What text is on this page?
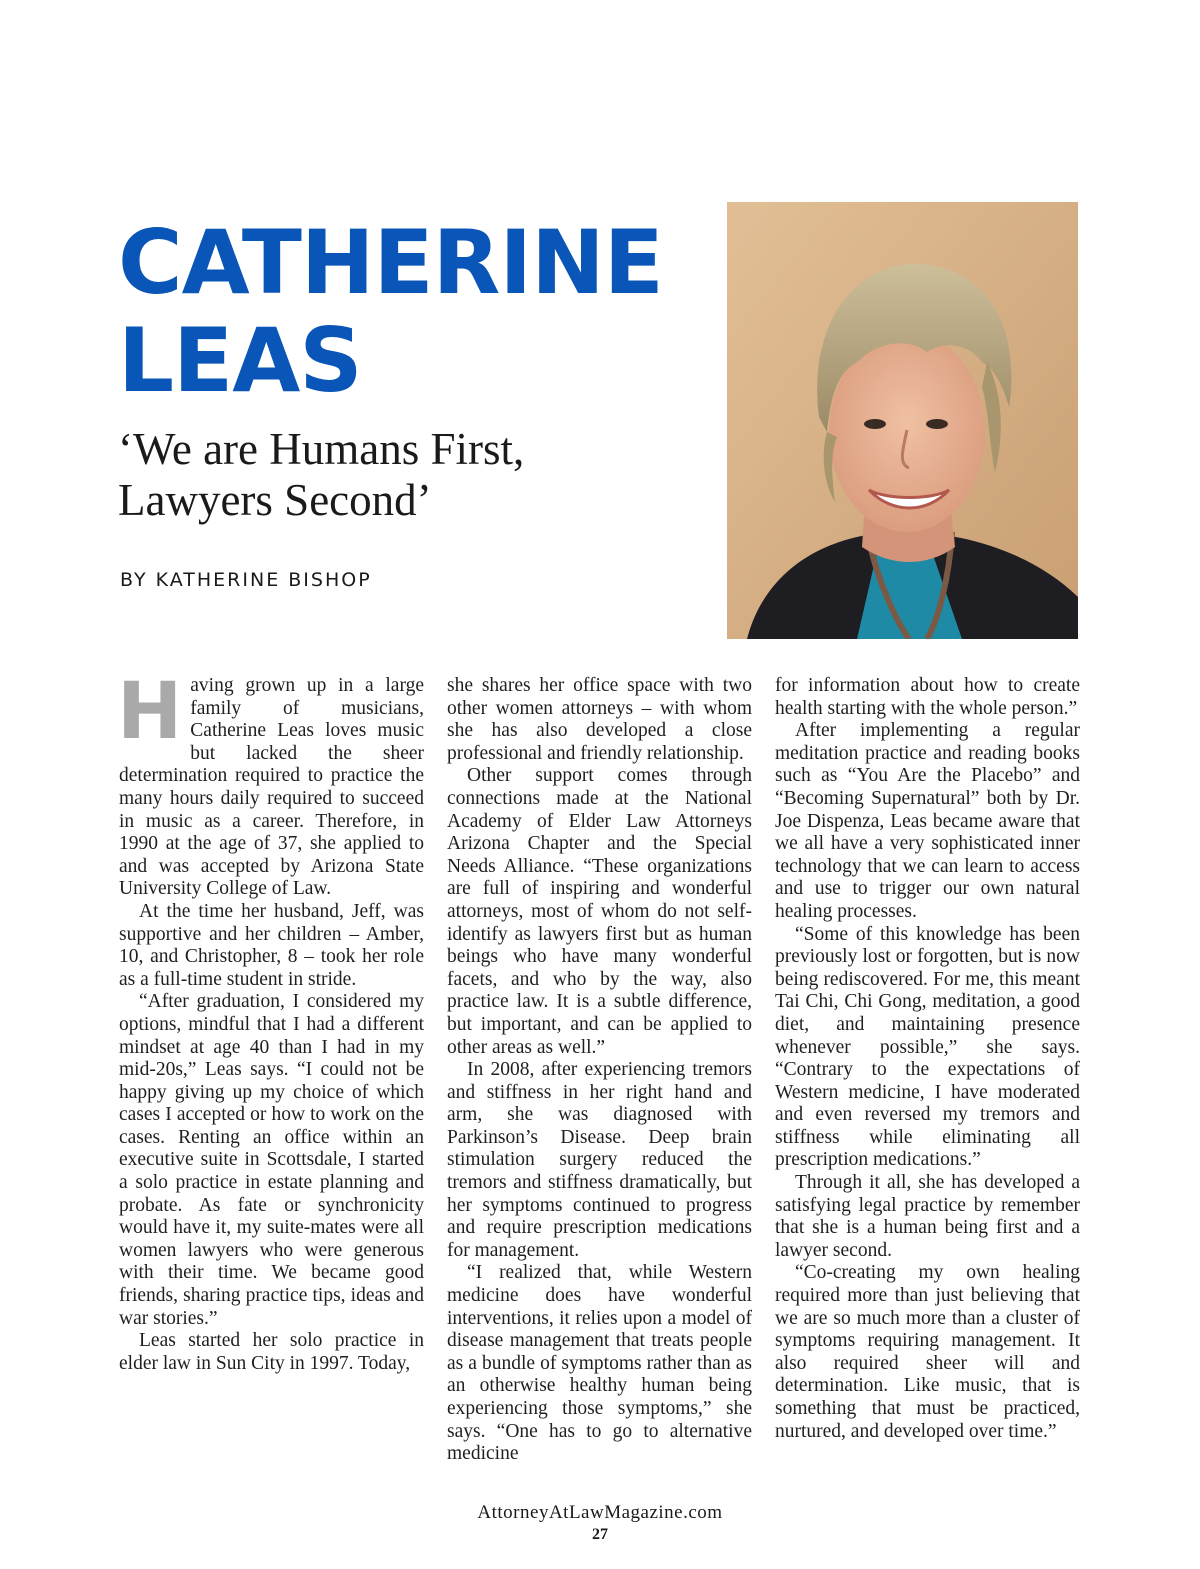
CATHERINE
LEAS
‘We are Humans First,
Lawyers Second’
BY KATHERINE BISHOP

Having grown up in a large family of musicians, Catherine Leas loves music but lacked the sheer determination required to practice the many hours daily required to succeed in music as a career. Therefore, in 1990 at the age of 37, she applied to and was accepted by Arizona State University College of Law.

At the time her husband, Jeff, was supportive and her children – Amber, 10, and Christopher, 8 – took her role as a full-time student in stride.

“After graduation, I considered my options, mindful that I had a different mindset at age 40 than I had in my mid-20s,” Leas says. “I could not be happy giving up my choice of which cases I accepted or how to work on the cases. Renting an office within an executive suite in Scottsdale, I started a solo practice in estate planning and probate. As fate or synchronicity would have it, my suite-mates were all women lawyers who were generous with their time. We became good friends, sharing practice tips, ideas and war stories.”

Leas started her solo practice in elder law in Sun City in 1997. Today,

she shares her office space with two other women attorneys – with whom she has also developed a close professional and friendly relationship.

Other support comes through connections made at the National Academy of Elder Law Attorneys Arizona Chapter and the Special Needs Alliance. “These organizations are full of inspiring and wonderful attorneys, most of whom do not self-identify as lawyers first but as human beings who have many wonderful facets, and who by the way, also practice law. It is a subtle difference, but important, and can be applied to other areas as well.”

In 2008, after experiencing tremors and stiffness in her right hand and arm, she was diagnosed with Parkinson’s Disease. Deep brain stimulation surgery reduced the tremors and stiffness dramatically, but her symptoms continued to progress and require prescription medications for management.

“I realized that, while Western medicine does have wonderful interventions, it relies upon a model of disease management that treats people as a bundle of symptoms rather than as an otherwise healthy human being experiencing those symptoms,” she says. “One has to go to alternative medicine

for information about how to create health starting with the whole person.”

After implementing a regular meditation practice and reading books such as “You Are the Placebo” and “Becoming Supernatural” both by Dr. Joe Dispenza, Leas became aware that we all have a very sophisticated inner technology that we can learn to access and use to trigger our own natural healing processes.

“Some of this knowledge has been previously lost or forgotten, but is now being rediscovered. For me, this meant Tai Chi, Chi Gong, meditation, a good diet, and maintaining presence whenever possible,” she says. “Contrary to the expectations of Western medicine, I have moderated and even reversed my tremors and stiffness while eliminating all prescription medications.”

Through it all, she has developed a satisfying legal practice by remember that she is a human being first and a lawyer second.

“Co-creating my own healing required more than just believing that we are so much more than a cluster of symptoms requiring management. It also required sheer will and determination. Like music, that is something that must be practiced, nurtured, and developed over time.”

AttorneyAtLawMagazine.com
27
